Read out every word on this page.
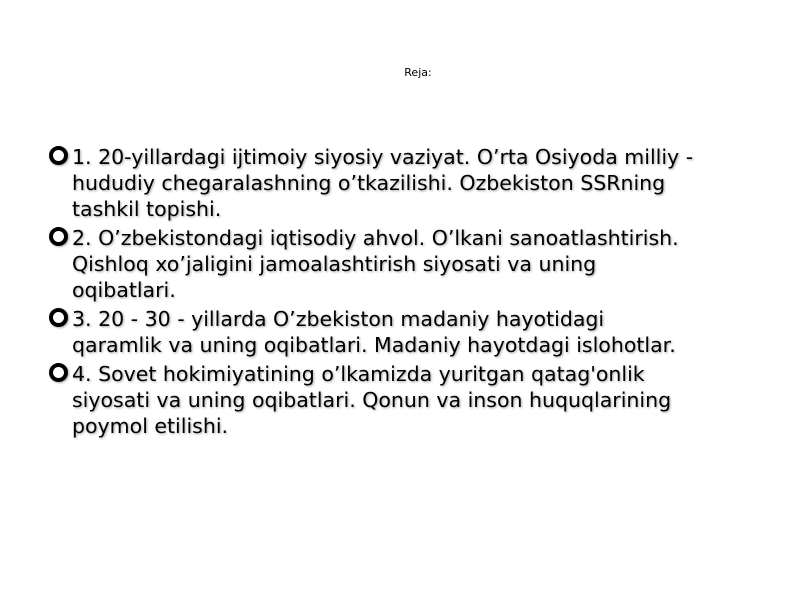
Reja:
1. 20-yillardagi ijtimoiy siyosiy vaziyat. O’rta Osiyoda milliy - hududiy chegaralashning o’tkazilishi. Ozbekiston SSRning tashkil topishi.
2. O’zbekistondagi iqtisodiy ahvol. O’lkani sanoatlashtirish. Qishloq xo’jaligini jamoalashtirish siyosati va uning oqibatlari.
3. 20 - 30 - yillarda O’zbekiston madaniy hayotidagi qaramlik va uning oqibatlari. Madaniy hayotdagi islohotlar.
4. Sovet hokimiyatining o’lkamizda yuritgan qatag'onlik siyosati va uning oqibatlari. Qonun va inson huquqlarining poymol etilishi.
